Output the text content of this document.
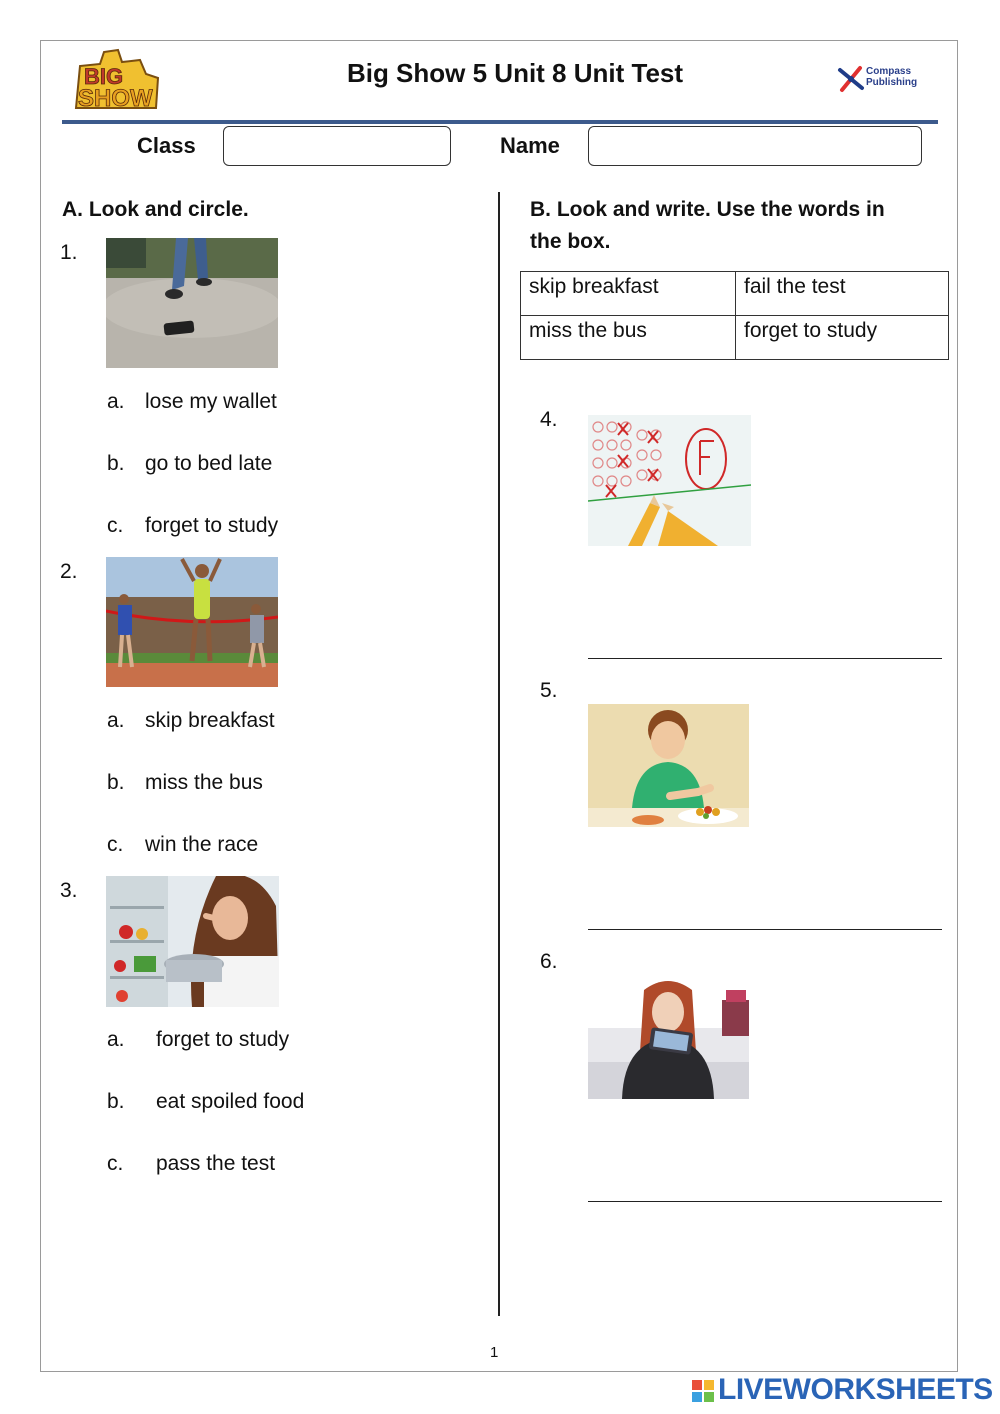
BIG
SHOW
Big Show 5 Unit 8 Unit Test	Compass
Publishing
Class	Name
A. Look and circle.
1.
a. lose my wallet
b. go to bed late
c. forget to study
2.
a. skip breakfast
b. miss the bus
c. win the race
3.
a. forget to study
b. eat spoiled food
c. pass the test
B. Look and write. Use the words in
the box.
skip breakfast	fail the test
miss the bus	forget to study
4.
5.
6.
1
LIVEWORKSHEETS
